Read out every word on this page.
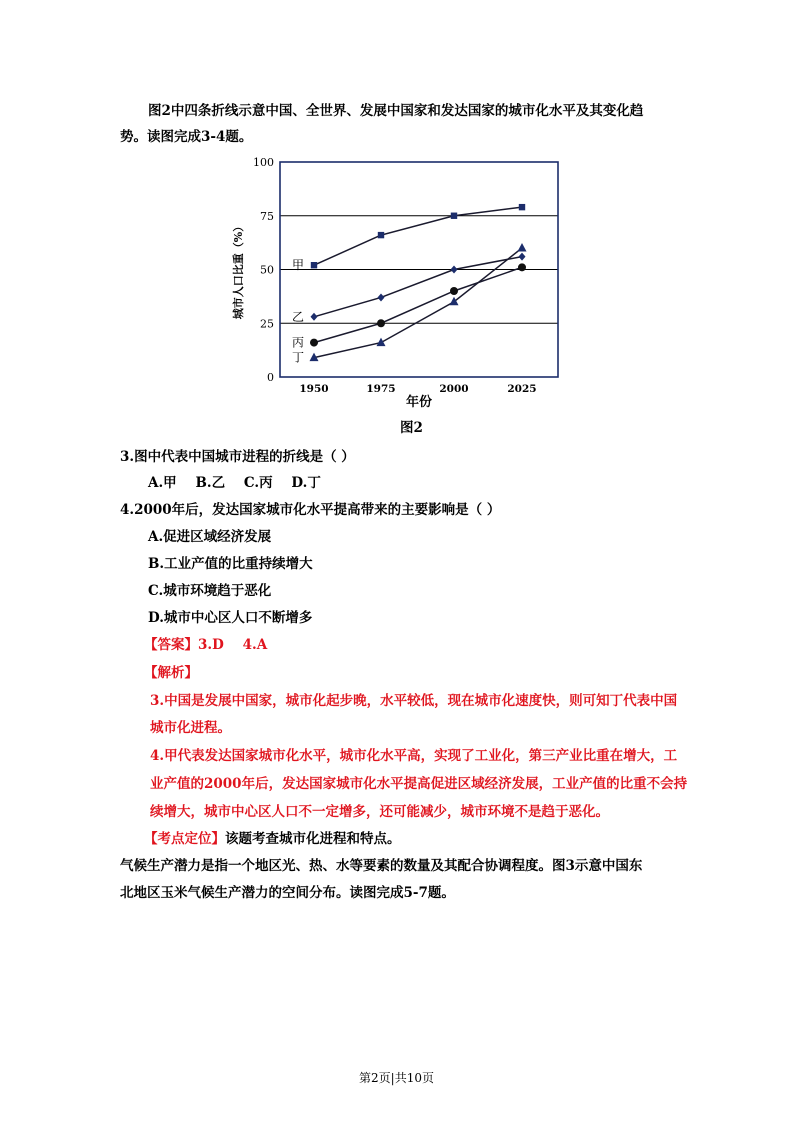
图2中四条折线示意中国、全世界、发展中国家和发达国家的城市化水平及其变化趋
势。读图完成3-4题。
0
25
50
75
100
1950	1975	2000	2025
甲
乙
丙
丁
城市人口比重（%）
年份
图2
3.图中代表中国城市进程的折线是（ ）
A.甲    B.乙    C.丙    D.丁
4.2000年后，发达国家城市化水平提高带来的主要影响是（ ）
A.促进区域经济发展
B.工业产值的比重持续增大
C.城市环境趋于恶化
D.城市中心区人口不断增多
【答案】3.D    4.A
【解析】
3.中国是发展中国家，城市化起步晚，水平较低，现在城市化速度快，则可知丁代表中国
城市化进程。
4.甲代表发达国家城市化水平，城市化水平高，实现了工业化，第三产业比重在增大，工
业产值的2000年后，发达国家城市化水平提高促进区域经济发展，工业产值的比重不会持
续增大，城市中心区人口不一定增多，还可能减少，城市环境不是趋于恶化。
【考点定位】该题考查城市化进程和特点。
气候生产潜力是指一个地区光、热、水等要素的数量及其配合协调程度。图3示意中国东
北地区玉米气候生产潜力的空间分布。读图完成5-7题。
第2页|共10页
